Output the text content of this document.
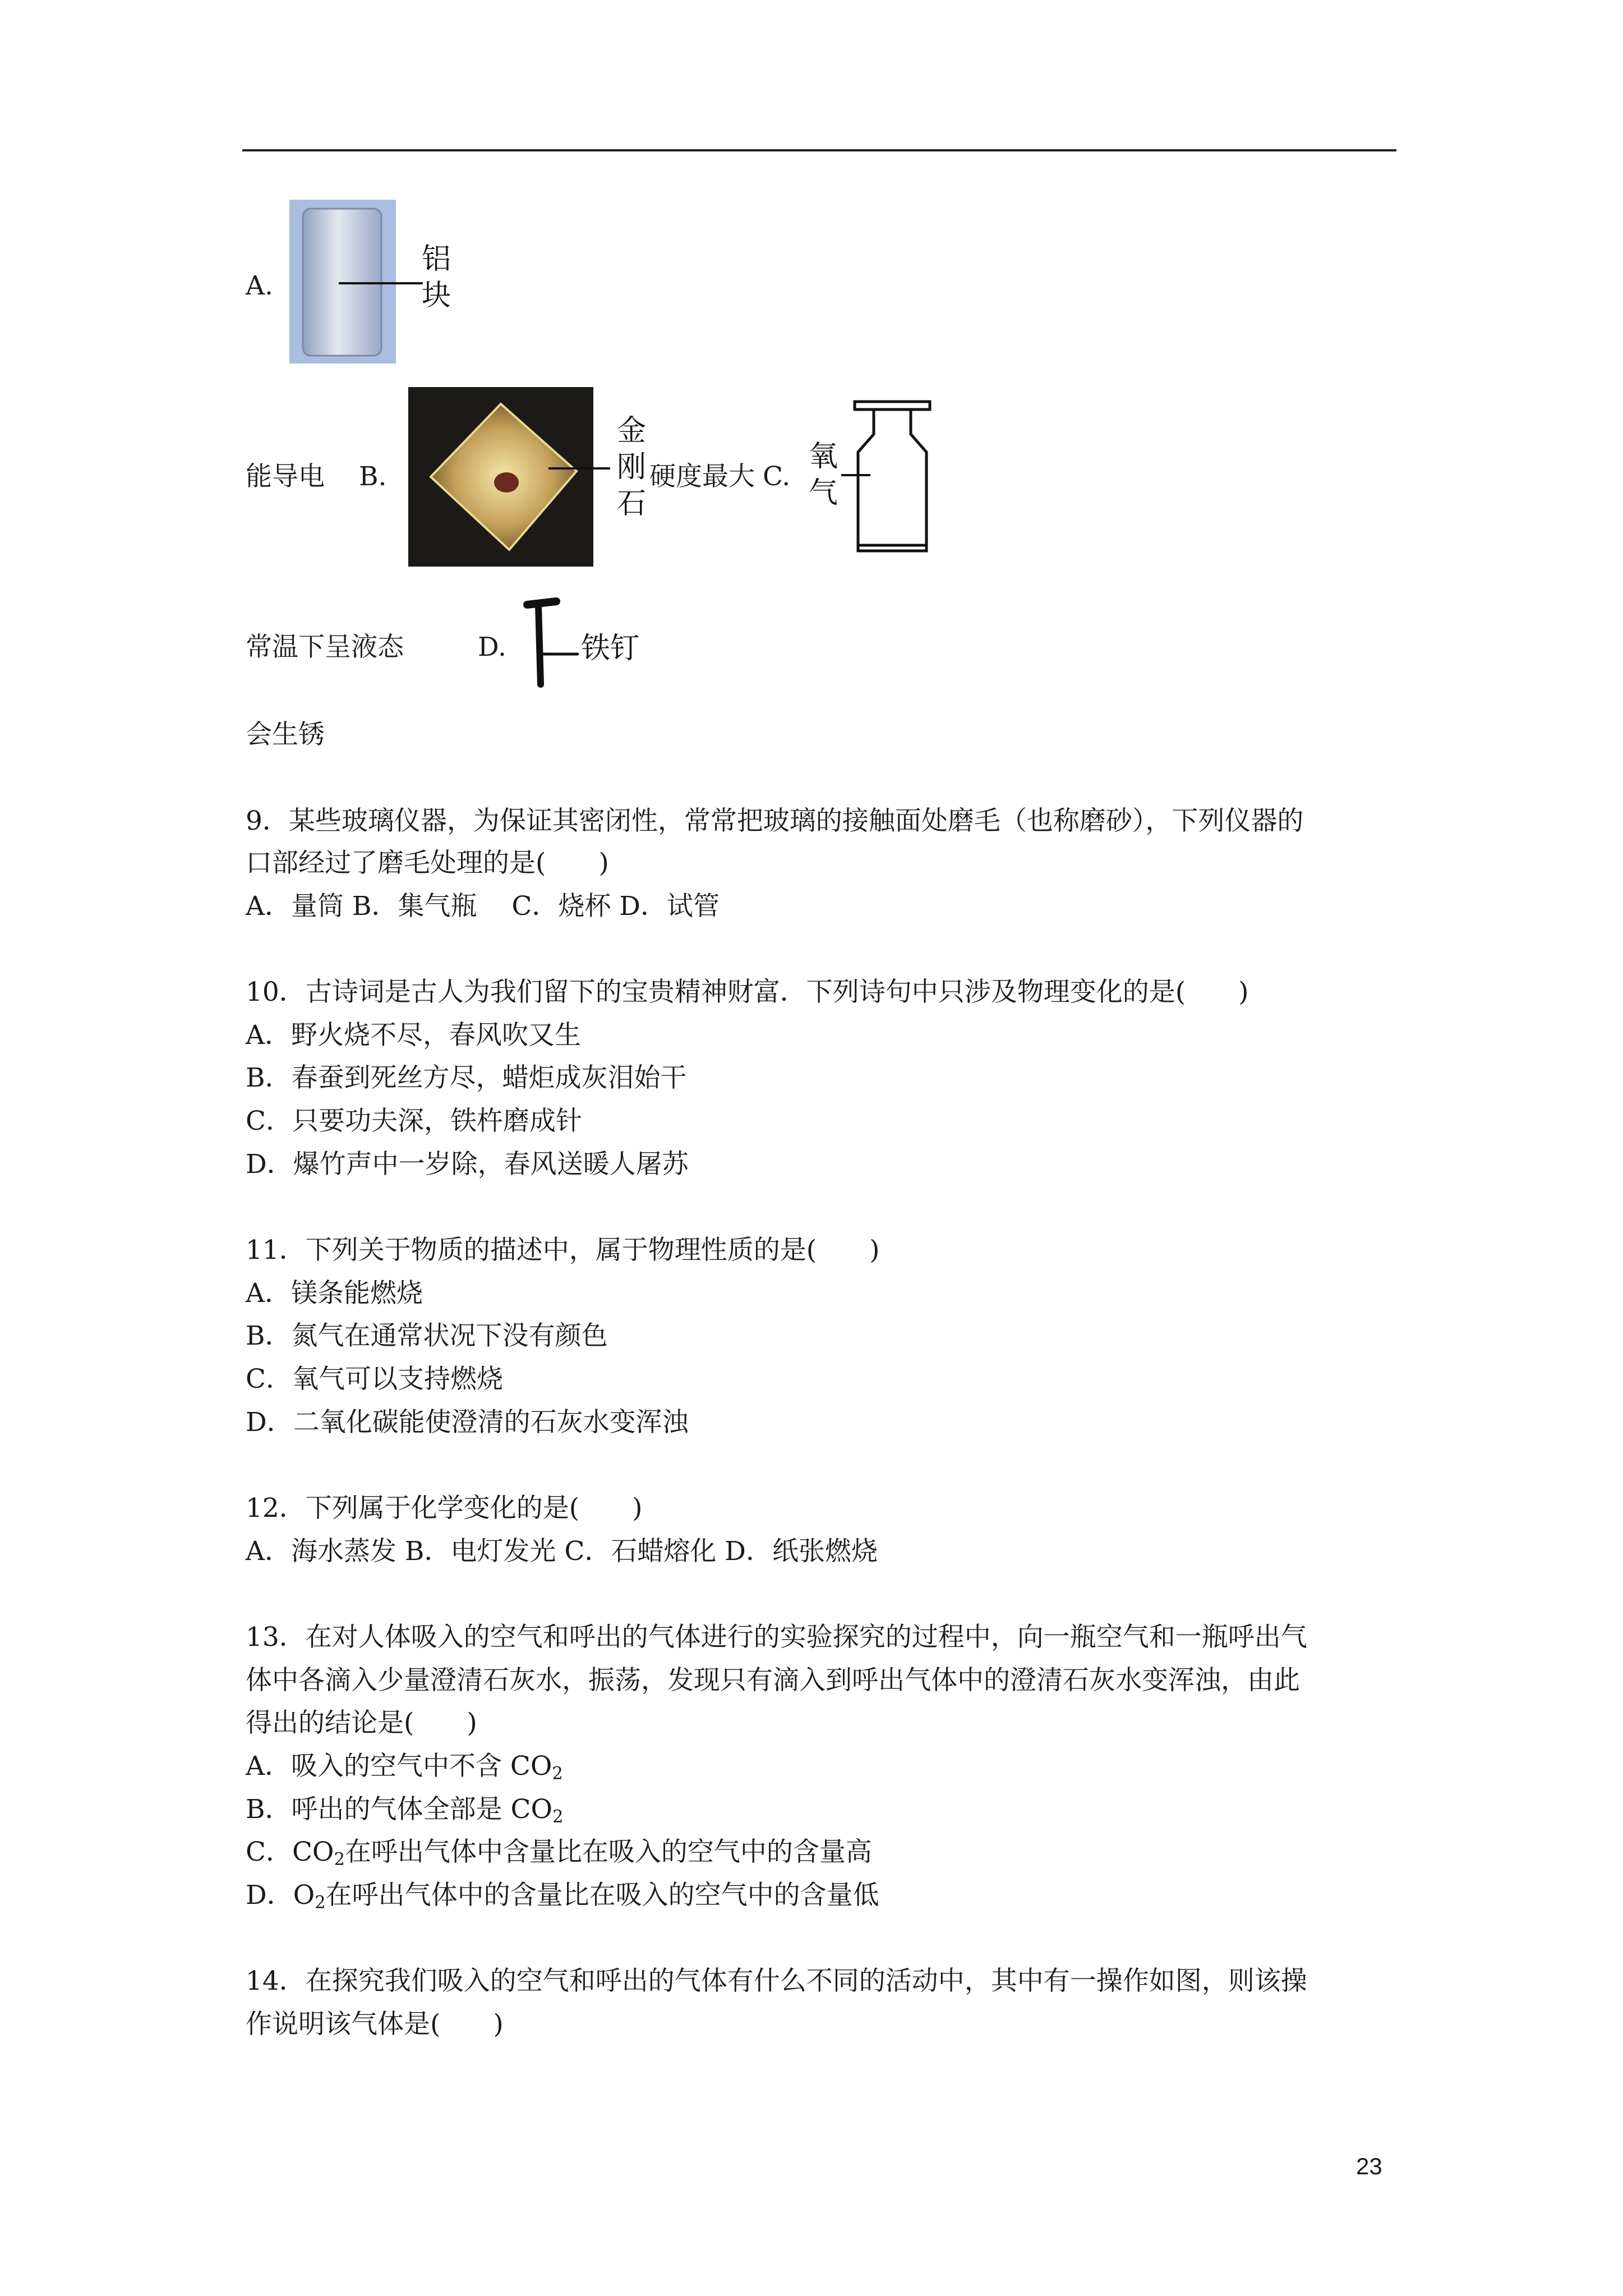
A.
铝
块
能导电 B.
金
刚
石
硬度最大 C.
氧
气
常温下呈液态	D.	铁钉
会生锈
9．某些玻璃仪器，为保证其密闭性，常常把玻璃的接触面处磨毛（也称磨砂），下列仪器的
口部经过了磨毛处理的是(　　)
A．量筒 B．集气瓶　 C．烧杯 D．试管
10．古诗词是古人为我们留下的宝贵精神财富．下列诗句中只涉及物理变化的是(　　)
A．野火烧不尽，春风吹又生
B．春蚕到死丝方尽，蜡炬成灰泪始干
C．只要功夫深，铁杵磨成针
D．爆竹声中一岁除，春风送暖人屠苏
11．下列关于物质的描述中，属于物理性质的是(　　)
A．镁条能燃烧
B．氮气在通常状况下没有颜色
C．氧气可以支持燃烧
D．二氧化碳能使澄清的石灰水变浑浊
12．下列属于化学变化的是(　　)
A．海水蒸发 B．电灯发光 C．石蜡熔化 D．纸张燃烧
13．在对人体吸入的空气和呼出的气体进行的实验探究的过程中，向一瓶空气和一瓶呼出气
体中各滴入少量澄清石灰水，振荡，发现只有滴入到呼出气体中的澄清石灰水变浑浊，由此
得出的结论是(　　)
A．吸入的空气中不含 $CO_2$
B．呼出的气体全部是 $CO_2$
C．$CO_2$在呼出气体中含量比在吸入的空气中的含量高
D．$O_2$在呼出气体中的含量比在吸入的空气中的含量低
14．在探究我们吸入的空气和呼出的气体有什么不同的活动中，其中有一操作如图，则该操
作说明该气体是(　　)
23
